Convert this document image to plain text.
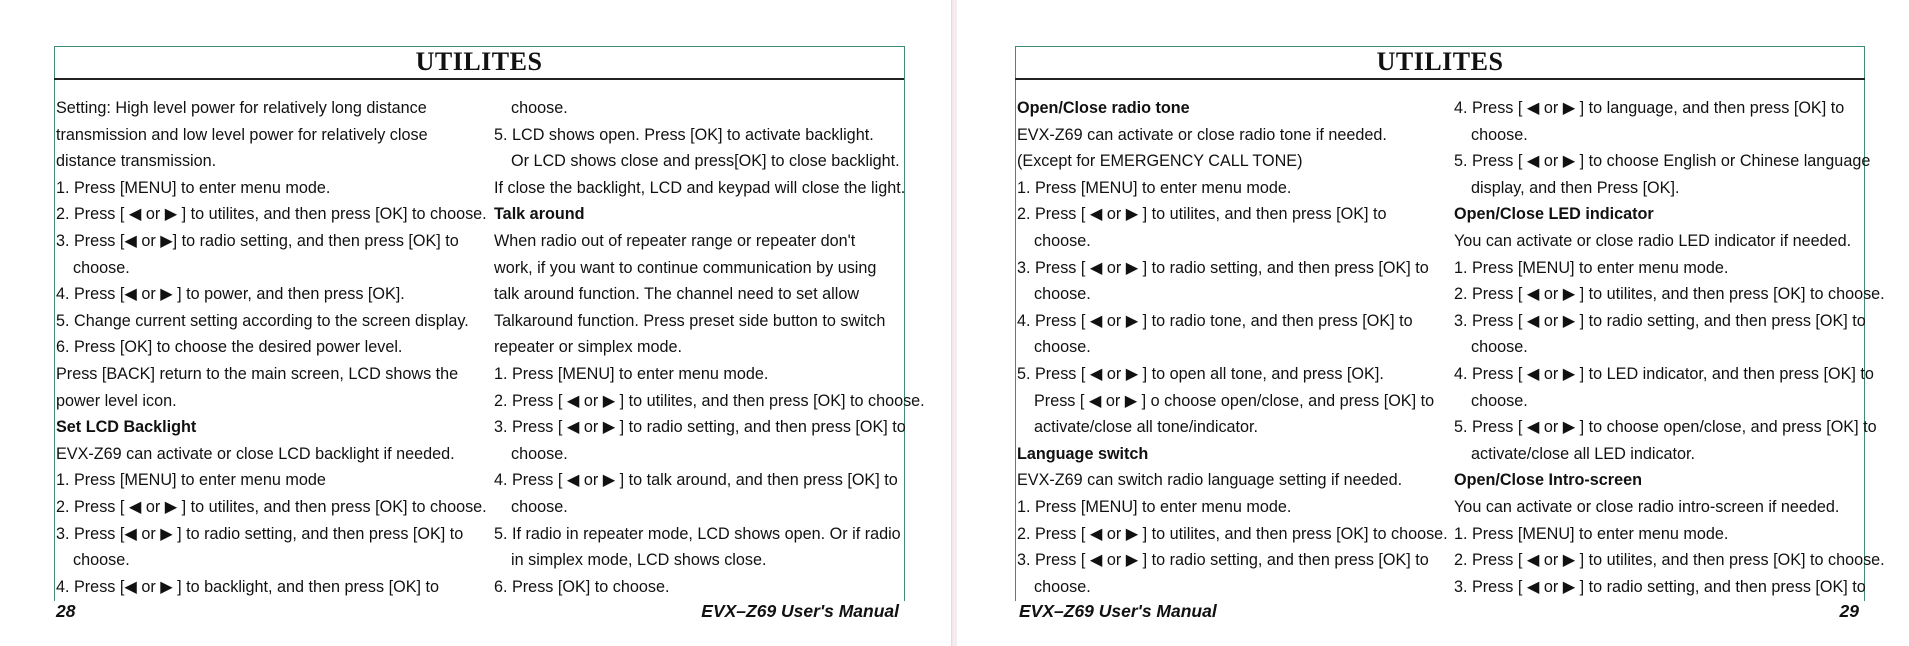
UTILITES
Setting: High level power for relatively long distance
transmission and low level power for relatively close
distance transmission.
1. Press [MENU] to enter menu mode.
2. Press [ ◀ or ▶ ] to utilites, and then press [OK] to choose.
3. Press [◀ or ▶] to radio setting, and then press [OK] to
choose.
4. Press [◀ or ▶ ] to power, and then press [OK].
5. Change current setting according to the screen display.
6. Press [OK] to choose the desired power level.
Press [BACK] return to the main screen, LCD shows the
power level icon.
Set LCD Backlight
EVX-Z69 can activate or close LCD backlight if needed.
1. Press [MENU] to enter menu mode
2. Press [ ◀ or ▶ ] to utilites, and then press [OK] to choose.
3. Press [◀ or ▶ ] to radio setting, and then press [OK] to
choose.
4. Press [◀ or ▶ ] to backlight, and then press [OK] to
choose.
5. LCD shows open. Press [OK] to activate backlight.
Or LCD shows close and press[OK] to close backlight.
If close the backlight, LCD and keypad will close the light.
Talk around
When radio out of repeater range or repeater don't
work, if you want to continue communication by using
talk around function. The channel need to set allow
Talkaround function. Press preset side button to switch
repeater or simplex mode.
1. Press [MENU] to enter menu mode.
2. Press [ ◀ or ▶ ] to utilites, and then press [OK] to choose.
3. Press [ ◀ or ▶ ] to radio setting, and then press [OK] to
choose.
4. Press [ ◀ or ▶ ] to talk around, and then press [OK] to
choose.
5. If radio in repeater mode, LCD shows open. Or if radio
in simplex mode, LCD shows close.
6. Press [OK] to choose.
28	EVX–Z69 User's Manual
UTILITES
Open/Close radio tone
EVX-Z69 can activate or close radio tone if needed.
(Except for EMERGENCY CALL TONE)
1. Press [MENU] to enter menu mode.
2. Press [ ◀ or ▶ ] to utilites, and then press [OK] to
choose.
3. Press [ ◀ or ▶ ] to radio setting, and then press [OK] to
choose.
4. Press [ ◀ or ▶ ] to radio tone, and then press [OK] to
choose.
5. Press [ ◀ or ▶ ] to open all tone, and press [OK].
Press [ ◀ or ▶ ] o choose open/close, and press [OK] to
activate/close all tone/indicator.
Language switch
EVX-Z69 can switch radio language setting if needed.
1. Press [MENU] to enter menu mode.
2. Press [ ◀ or ▶ ] to utilites, and then press [OK] to choose.
3. Press [ ◀ or ▶ ] to radio setting, and then press [OK] to
choose.
4. Press [ ◀ or ▶ ] to language, and then press [OK] to
choose.
5. Press [ ◀ or ▶ ] to choose English or Chinese language
display, and then Press [OK].
Open/Close LED indicator
You can activate or close radio LED indicator if needed.
1. Press [MENU] to enter menu mode.
2. Press [ ◀ or ▶ ] to utilites, and then press [OK] to choose.
3. Press [ ◀ or ▶ ] to radio setting, and then press [OK] to
choose.
4. Press [ ◀ or ▶ ] to LED indicator, and then press [OK] to
choose.
5. Press [ ◀ or ▶ ] to choose open/close, and press [OK] to
activate/close all LED indicator.
Open/Close Intro-screen
You can activate or close radio intro-screen if needed.
1. Press [MENU] to enter menu mode.
2. Press [ ◀ or ▶ ] to utilites, and then press [OK] to choose.
3. Press [ ◀ or ▶ ] to radio setting, and then press [OK] to
EVX–Z69 User's Manual	29
